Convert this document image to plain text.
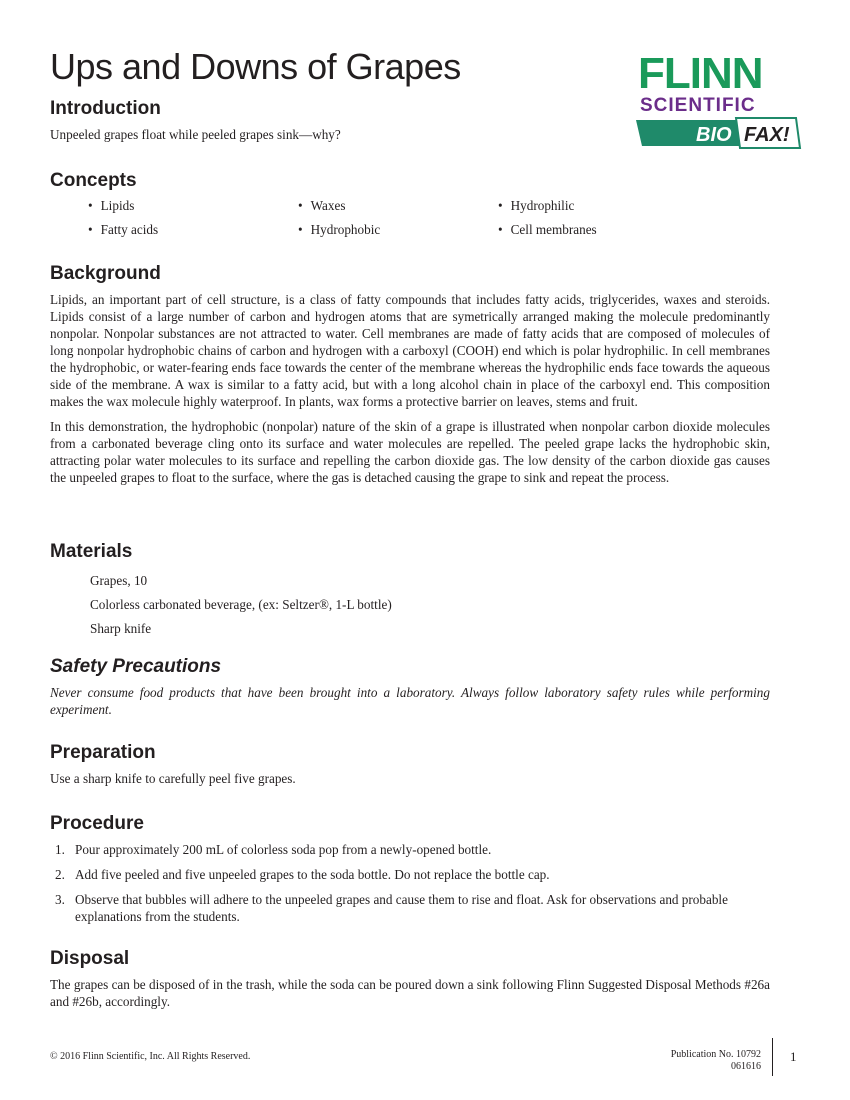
Ups and Downs of Grapes	FLINN
SCIENTIFIC
BIO FAX!
Introduction

Unpeeled grapes float while peeled grapes sink—why?

Concepts
• Lipids	• Waxes	• Hydrophilic
• Fatty acids	• Hydrophobic	• Cell membranes
Background

Lipids, an important part of cell structure, is a class of fatty compounds that includes fatty acids, triglycerides, waxes and steroids. Lipids consist of a large number of carbon and hydrogen atoms that are symetrically arranged making the molecule predominantly nonpolar. Nonpolar substances are not attracted to water. Cell membranes are made of fatty acids that are composed of molecules of long nonpolar hydrophobic chains of carbon and hydrogen with a carboxyl (COOH) end which is polar hydrophilic. In cell membranes the hydrophobic, or water-fearing ends face towards the center of the membrane whereas the hydrophilic ends face towards the aqueous side of the membrane. A wax is similar to a fatty acid, but with a long alcohol chain in place of the carboxyl end. This composition makes the wax molecule highly waterproof. In plants, wax forms a protective barrier on leaves, stems and fruit.

In this demonstration, the hydrophobic (nonpolar) nature of the skin of a grape is illustrated when nonpolar carbon dioxide molecules from a carbonated beverage cling onto its surface and water molecules are repelled. The peeled grape lacks the hydrophobic skin, attracting polar water molecules to its surface and repelling the carbon dioxide gas. The low density of the carbon dioxide gas causes the unpeeled grapes to float to the surface, where the gas is detached causing the grape to sink and repeat the process.

Materials
Grapes, 10
Colorless carbonated beverage, (ex: Seltzer®, 1-L bottle)
Sharp knife
Safety Precautions

Never consume food products that have been brought into a laboratory. Always follow laboratory safety rules while performing experiment.

Preparation

Use a sharp knife to carefully peel five grapes.

Procedure
1. Pour approximately 200 mL of colorless soda pop from a newly-opened bottle.
2. Add five peeled and five unpeeled grapes to the soda bottle. Do not replace the bottle cap.
3. Observe that bubbles will adhere to the unpeeled grapes and cause them to rise and float. Ask for observations and probable explanations from the students.
Disposal

The grapes can be disposed of in the trash, while the soda can be poured down a sink following Flinn Suggested Disposal Methods #26a and #26b, accordingly.

© 2016 Flinn Scientific, Inc. All Rights Reserved.	Publication No. 10792
061616
1
